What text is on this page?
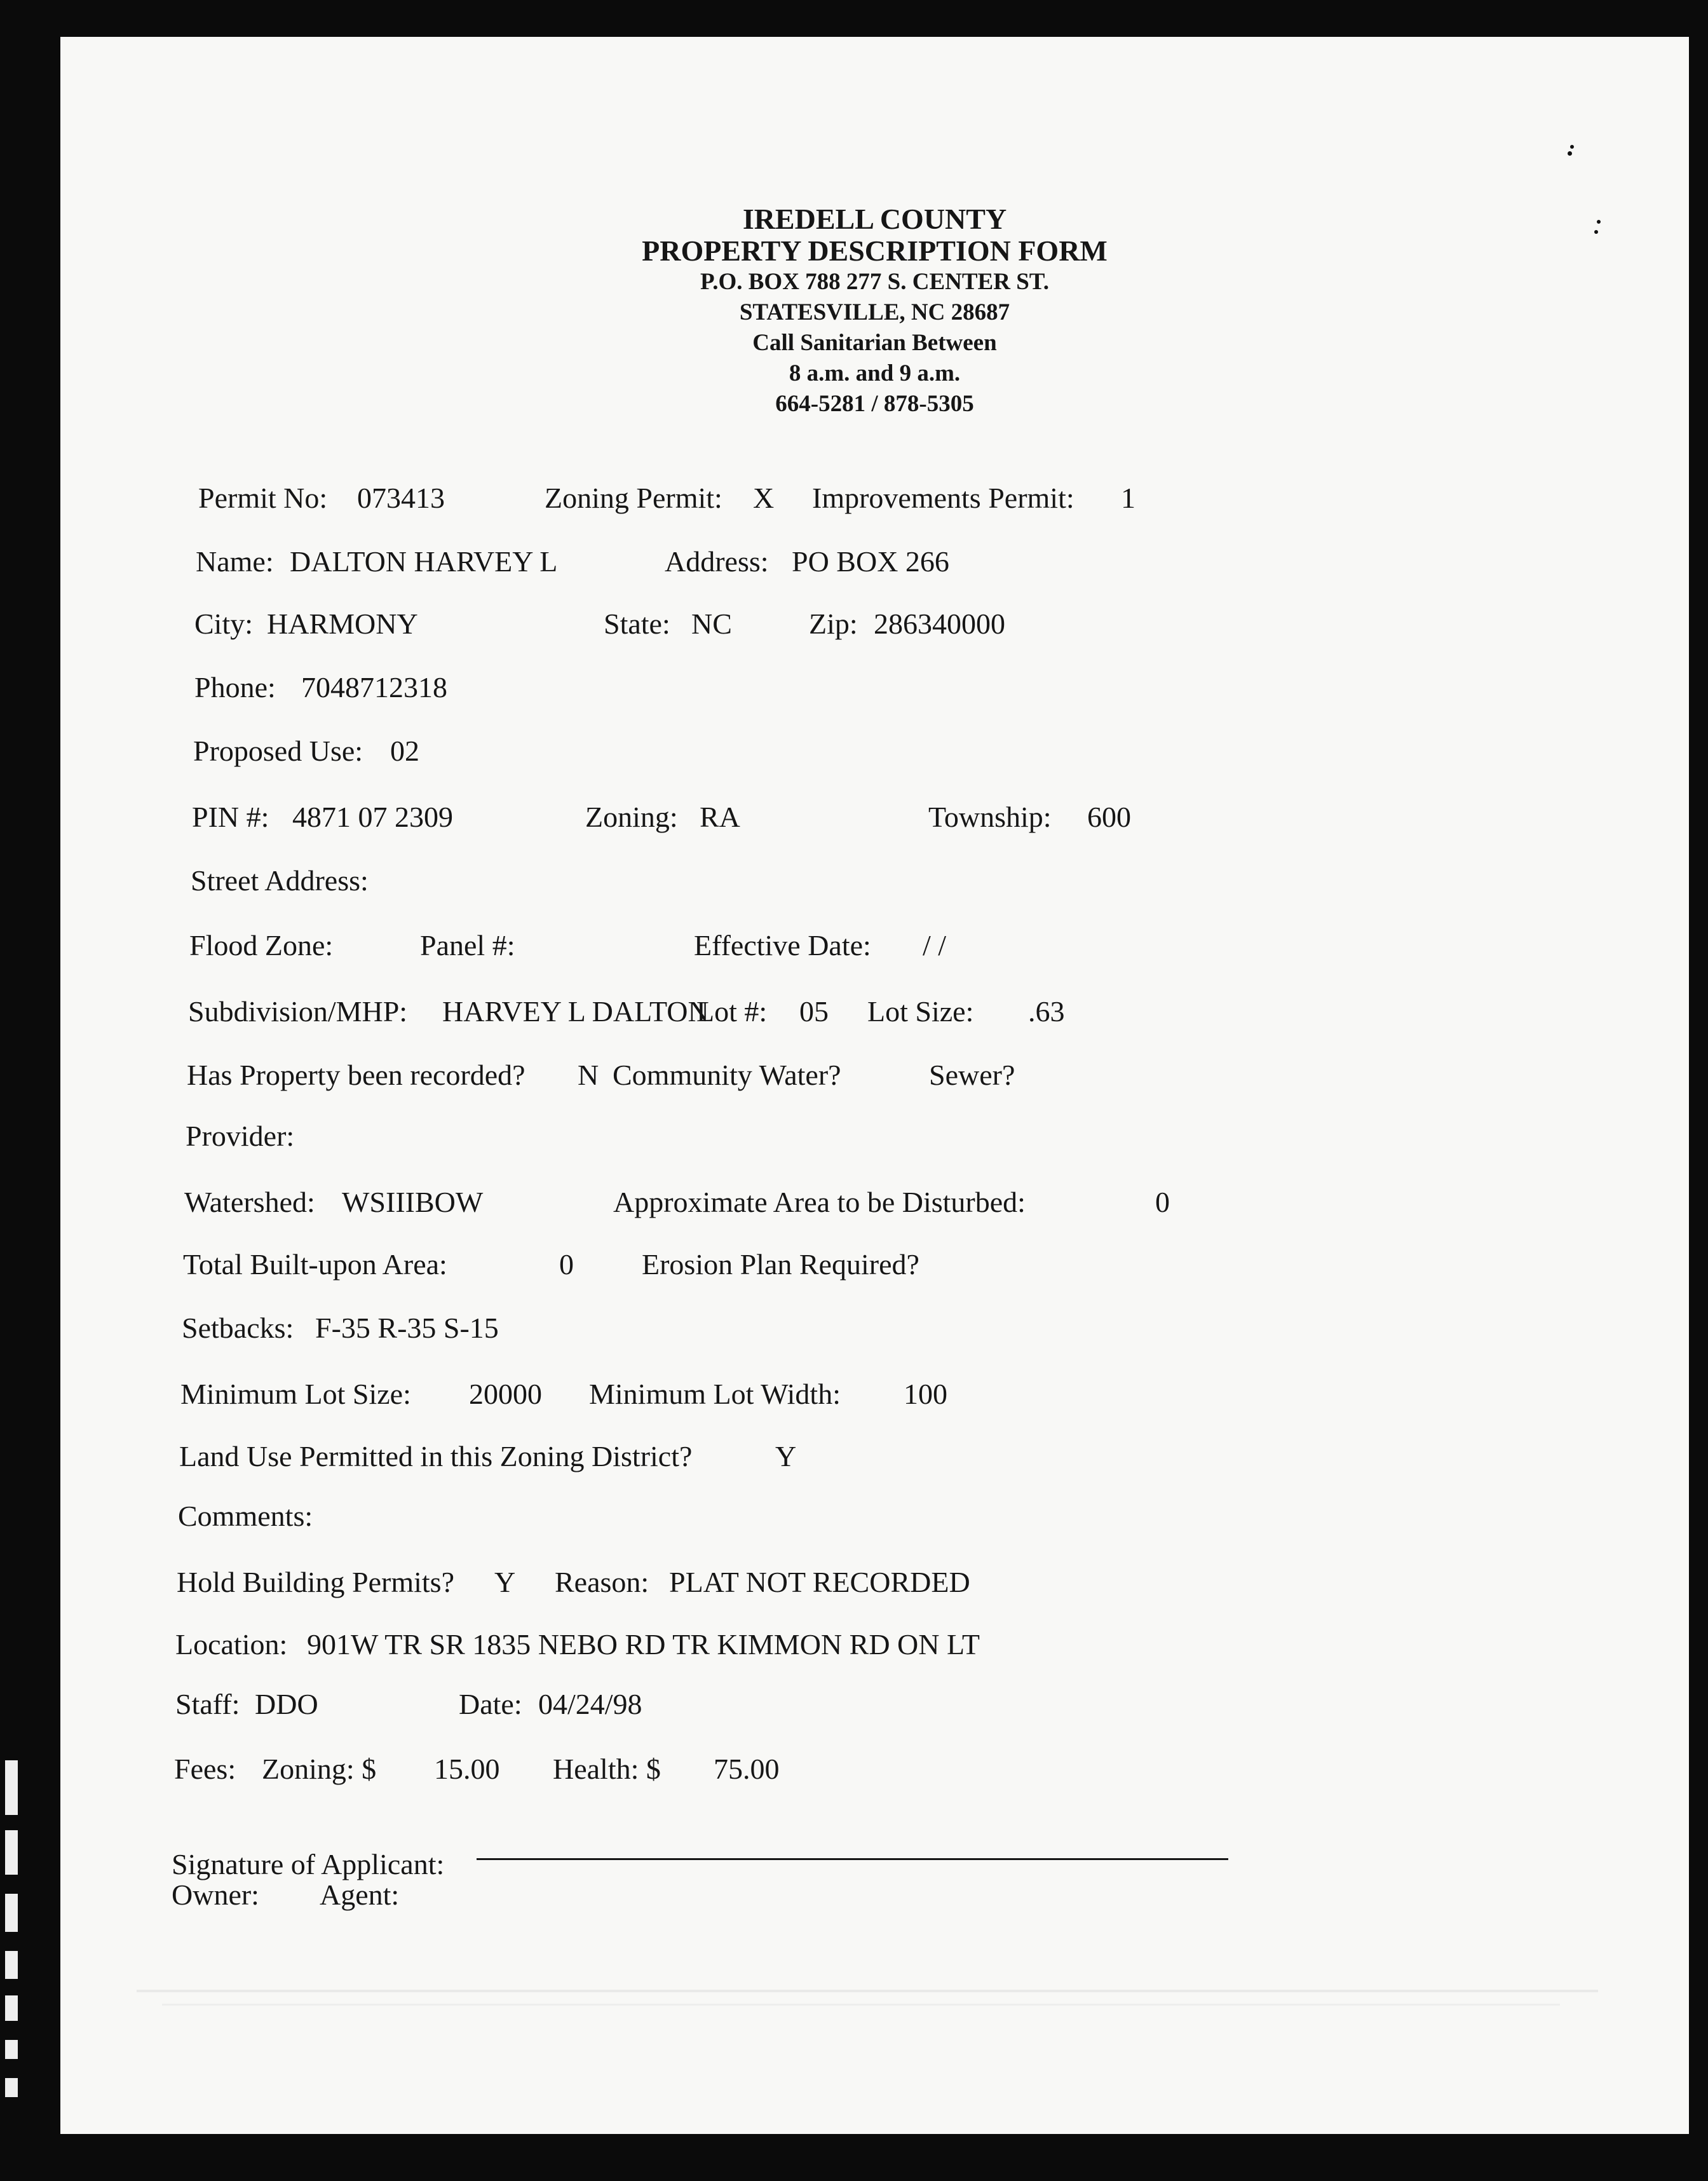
IREDELL COUNTY
PROPERTY DESCRIPTION FORM
P.O. BOX 788 277 S. CENTER ST.
STATESVILLE, NC 28687
Call Sanitarian Between
8 a.m. and 9 a.m.
664-5281 / 878-5305
Permit No: 073413	Zoning Permit: X Improvements Permit: 1
Name: DALTON HARVEY L	Address: PO BOX 266
City: HARMONY	State: NC	Zip: 286340000
Phone: 7048712318
Proposed Use: 02
PIN #: 4871 07 2309	Zoning: RA	Township: 600
Street Address:
Flood Zone:	Panel #:	Effective Date: / /
Subdivision/MHP: HARVEY L DALTONLot #: 05 Lot Size: .63
Has Property been recorded? N Community Water?	Sewer?
Provider:
Watershed: WSIIIBOW	Approximate Area to be Disturbed:	0
Total Built-upon Area:	0 Erosion Plan Required?
Setbacks: F-35 R-35 S-15
Minimum Lot Size: 20000 Minimum Lot Width: 100
Land Use Permitted in this Zoning District?	Y
Comments:
Hold Building Permits? Y Reason: PLAT NOT RECORDED
Location: 901W TR SR 1835 NEBO RD TR KIMMON RD ON LT
Staff: DDO	Date: 04/24/98
Fees: Zoning: $ 15.00 Health: $ 75.00
Signature of Applicant:
Owner: Agent:
